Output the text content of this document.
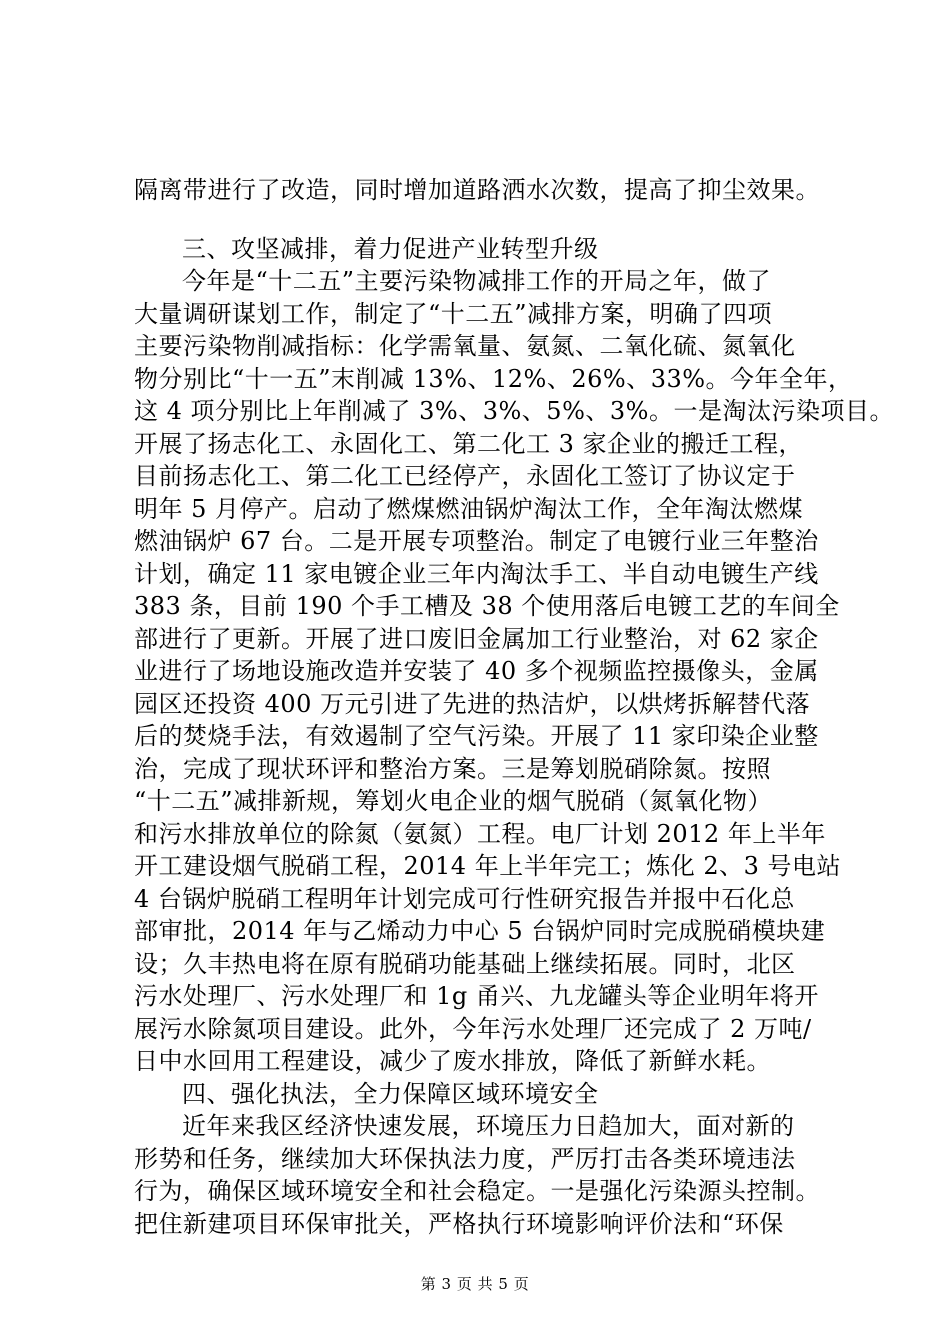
隔离带进行了改造，同时增加道路洒水次数，提高了抑尘效果。
三、攻坚减排，着力促进产业转型升级
今年是“十二五”主要污染物减排工作的开局之年，做了
大量调研谋划工作，制定了“十二五”减排方案，明确了四项
主要污染物削减指标：化学需氧量、氨氮、二氧化硫、氮氧化
物分别比“十一五”末削减 13%、12%、26%、33%。今年全年，
这 4 项分别比上年削减了 3%、3%、5%、3%。一是淘汰污染项目。
开展了扬志化工、永固化工、第二化工 3 家企业的搬迁工程，
目前扬志化工、第二化工已经停产，永固化工签订了协议定于
明年 5 月停产。启动了燃煤燃油锅炉淘汰工作，全年淘汰燃煤
燃油锅炉 67 台。二是开展专项整治。制定了电镀行业三年整治
计划，确定 11 家电镀企业三年内淘汰手工、半自动电镀生产线
383 条，目前 190 个手工槽及 38 个使用落后电镀工艺的车间全
部进行了更新。开展了进口废旧金属加工行业整治，对 62 家企
业进行了场地设施改造并安装了 40 多个视频监控摄像头，金属
园区还投资 400 万元引进了先进的热洁炉，以烘烤拆解替代落
后的焚烧手法，有效遏制了空气污染。开展了 11 家印染企业整
治，完成了现状环评和整治方案。三是筹划脱硝除氮。按照
“十二五”减排新规，筹划火电企业的烟气脱硝（氮氧化物）
和污水排放单位的除氮（氨氮）工程。电厂计划 2012 年上半年
开工建设烟气脱硝工程，2014 年上半年完工；炼化 2、3 号电站
4 台锅炉脱硝工程明年计划完成可行性研究报告并报中石化总
部审批，2014 年与乙烯动力中心 5 台锅炉同时完成脱硝模块建
设；久丰热电将在原有脱硝功能基础上继续拓展。同时，北区
污水处理厂、污水处理厂和 1g 甬兴、九龙罐头等企业明年将开
展污水除氮项目建设。此外，今年污水处理厂还完成了 2 万吨/
日中水回用工程建设，减少了废水排放，降低了新鲜水耗。
四、强化执法，全力保障区域环境安全
近年来我区经济快速发展，环境压力日趋加大，面对新的
形势和任务，继续加大环保执法力度，严厉打击各类环境违法
行为，确保区域环境安全和社会稳定。一是强化污染源头控制。
把住新建项目环保审批关，严格执行环境影响评价法和“环保
第 3 页 共 5 页
